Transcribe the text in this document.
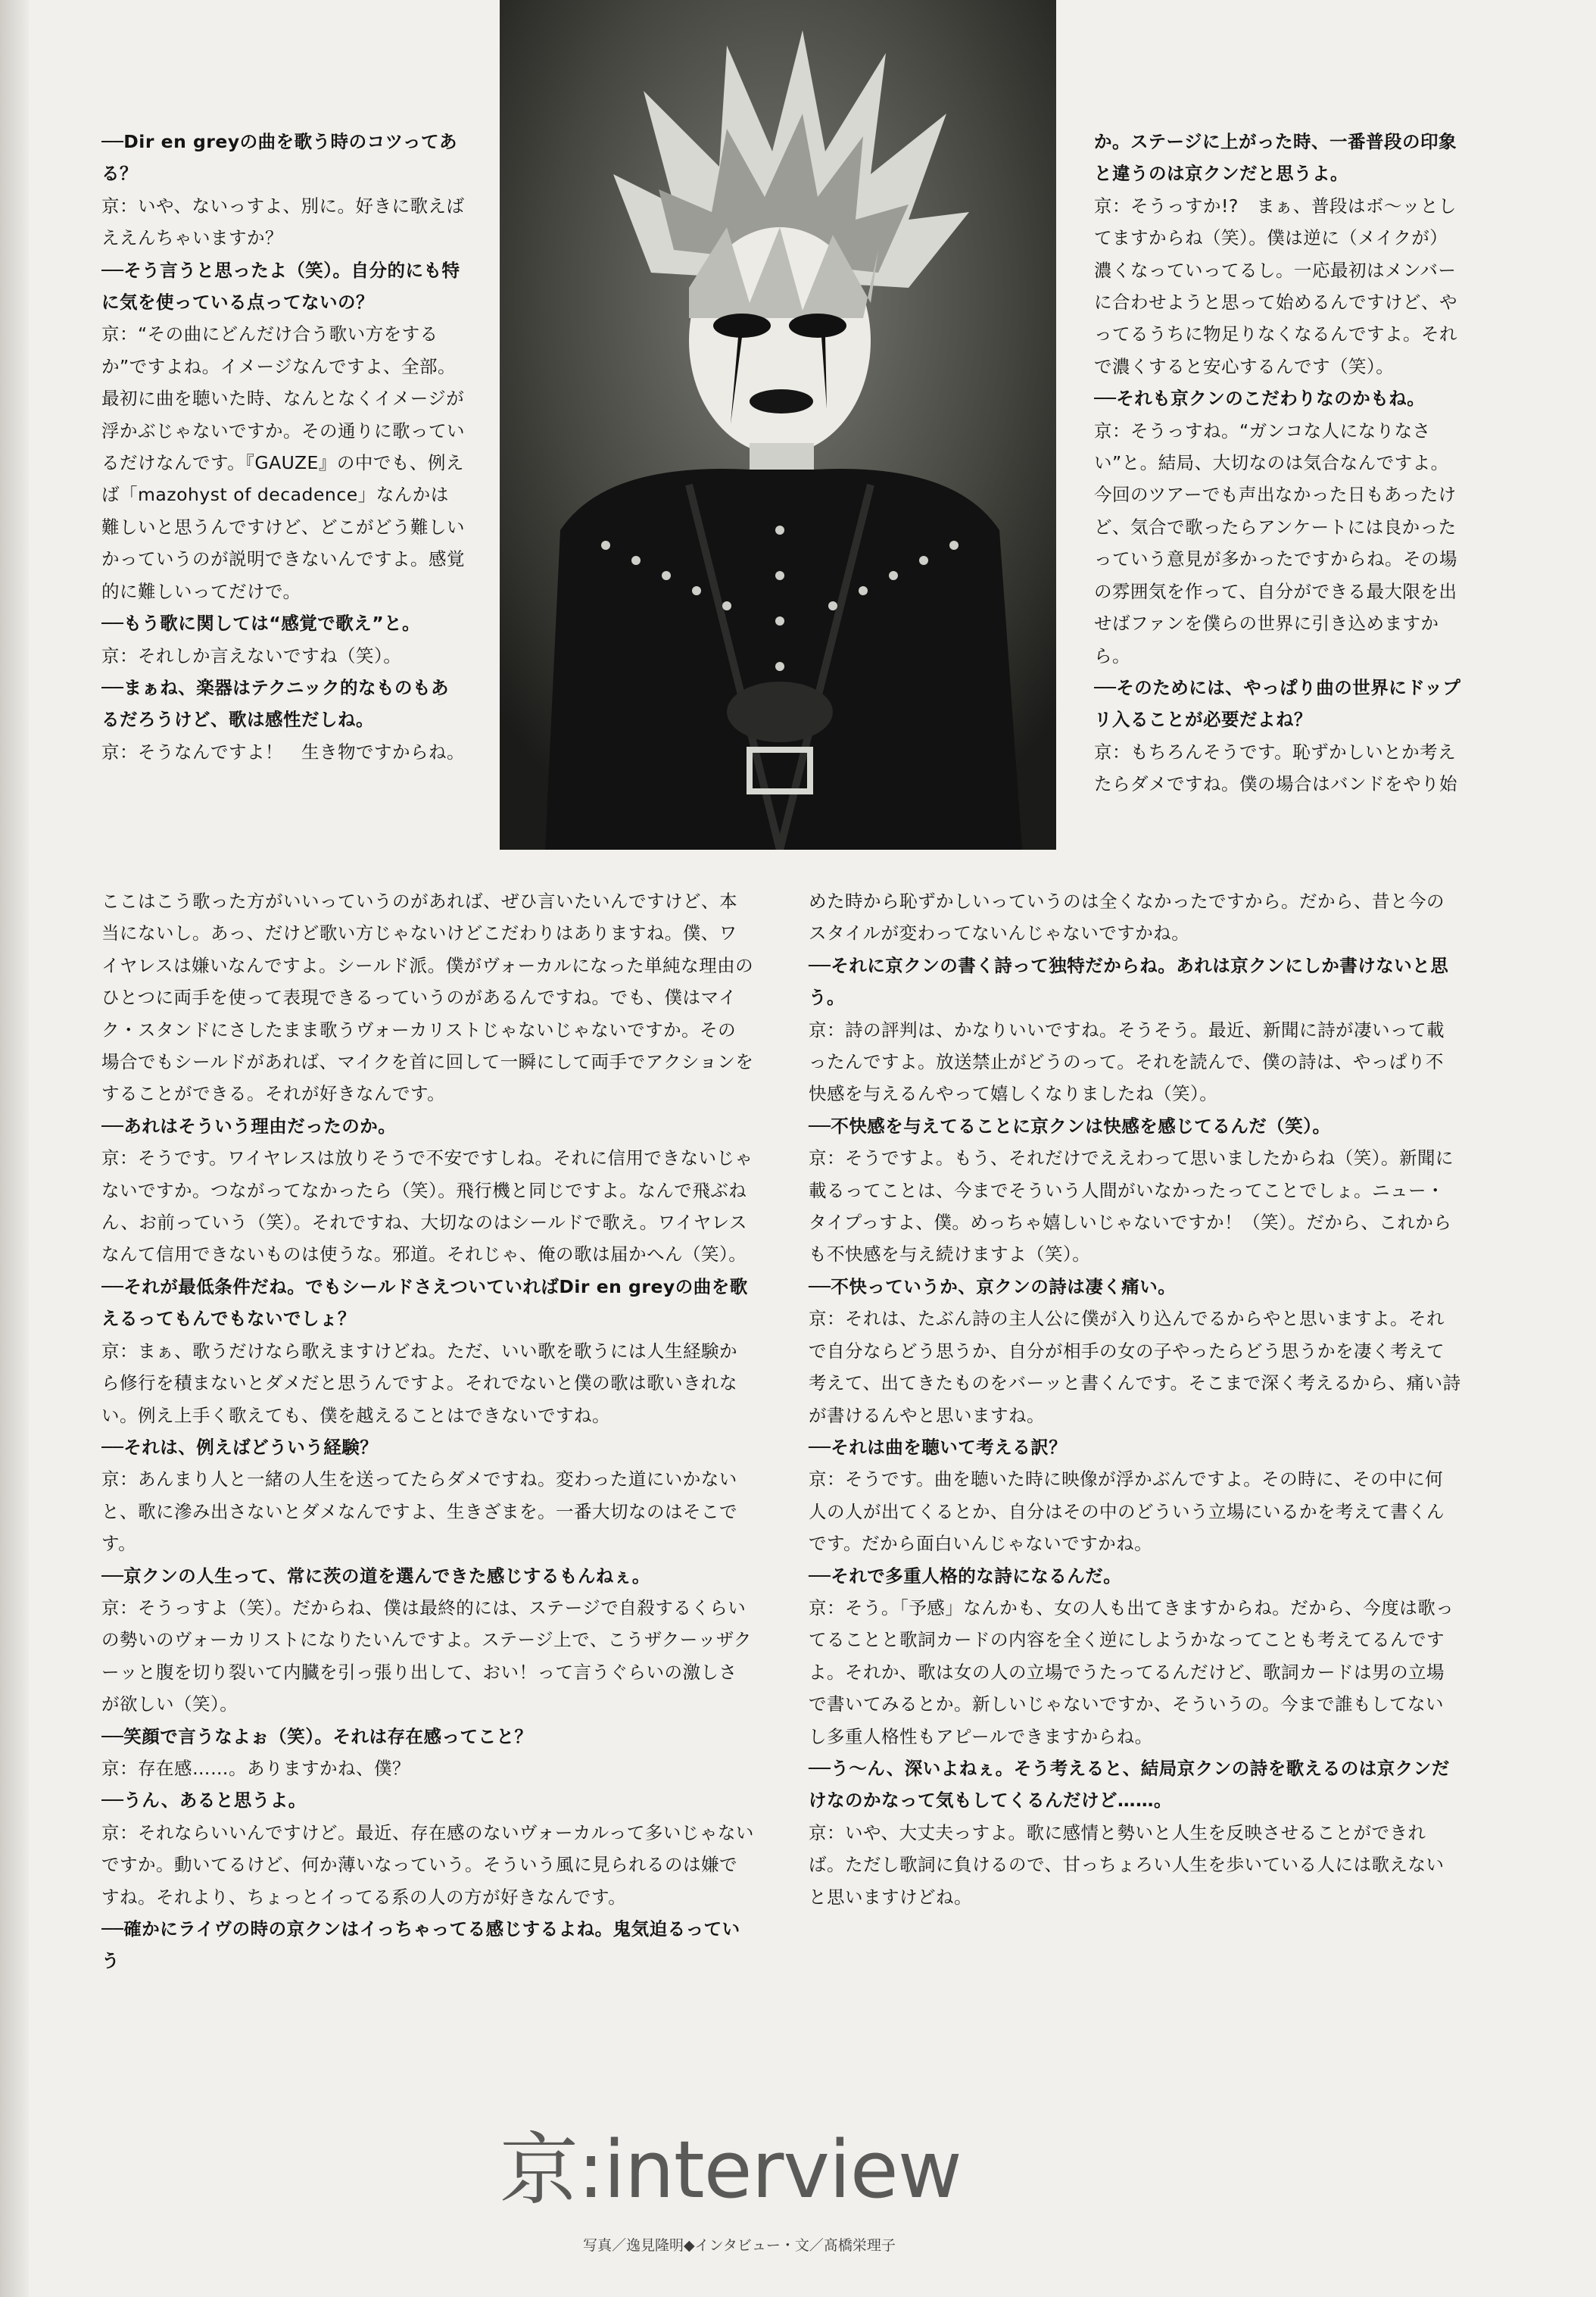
──Dir en greyの曲を歌う時のコツってある？

京：いや、ないっすよ、別に。好きに歌えばええんちゃいますか？

──そう言うと思ったよ（笑）。自分的にも特に気を使っている点ってないの？

京：“その曲にどんだけ合う歌い方をするか”ですよね。イメージなんですよ、全部。最初に曲を聴いた時、なんとなくイメージが浮かぶじゃないですか。その通りに歌っているだけなんです。『GAUZE』の中でも、例えば「mazohyst of decadence」なんかは難しいと思うんですけど、どこがどう難しいかっていうのが説明できないんですよ。感覚的に難しいってだけで。

──もう歌に関しては“感覚で歌え”と。

京：それしか言えないですね（笑）。

──まぁね、楽器はテクニック的なものもあるだろうけど、歌は感性だしね。

京：そうなんですよ！　生き物ですからね。

か。ステージに上がった時、一番普段の印象と違うのは京クンだと思うよ。

京：そうっすか!?　まぁ、普段はボ〜ッとしてますからね（笑）。僕は逆に（メイクが）濃くなっていってるし。一応最初はメンバーに合わせようと思って始めるんですけど、やってるうちに物足りなくなるんですよ。それで濃くすると安心するんです（笑）。

──それも京クンのこだわりなのかもね。

京：そうっすね。“ガンコな人になりなさい”と。結局、大切なのは気合なんですよ。今回のツアーでも声出なかった日もあったけど、気合で歌ったらアンケートには良かったっていう意見が多かったですからね。その場の雰囲気を作って、自分ができる最大限を出せばファンを僕らの世界に引き込めますから。

──そのためには、やっぱり曲の世界にドップリ入ることが必要だよね？

京：もちろんそうです。恥ずかしいとか考えたらダメですね。僕の場合はバンドをやり始

ここはこう歌った方がいいっていうのがあれば、ぜひ言いたいんですけど、本当にないし。あっ、だけど歌い方じゃないけどこだわりはありますね。僕、ワイヤレスは嫌いなんですよ。シールド派。僕がヴォーカルになった単純な理由のひとつに両手を使って表現できるっていうのがあるんですね。でも、僕はマイク・スタンドにさしたまま歌うヴォーカリストじゃないじゃないですか。その場合でもシールドがあれば、マイクを首に回して一瞬にして両手でアクションをすることができる。それが好きなんです。

──あれはそういう理由だったのか。

京：そうです。ワイヤレスは放りそうで不安ですしね。それに信用できないじゃないですか。つながってなかったら（笑）。飛行機と同じですよ。なんで飛ぶねん、お前っていう（笑）。それですね、大切なのはシールドで歌え。ワイヤレスなんて信用できないものは使うな。邪道。それじゃ、俺の歌は届かへん（笑）。

──それが最低条件だね。でもシールドさえついていればDir en greyの曲を歌えるってもんでもないでしょ？

京：まぁ、歌うだけなら歌えますけどね。ただ、いい歌を歌うには人生経験から修行を積まないとダメだと思うんですよ。それでないと僕の歌は歌いきれない。例え上手く歌えても、僕を越えることはできないですね。

──それは、例えばどういう経験？

京：あんまり人と一緒の人生を送ってたらダメですね。変わった道にいかないと、歌に滲み出さないとダメなんですよ、生きざまを。一番大切なのはそこです。

──京クンの人生って、常に茨の道を選んできた感じするもんねぇ。

京：そうっすよ（笑）。だからね、僕は最終的には、ステージで自殺するくらいの勢いのヴォーカリストになりたいんですよ。ステージ上で、こうザクーッザクーッと腹を切り裂いて内臓を引っ張り出して、おい！って言うぐらいの激しさが欲しい（笑）。

──笑顔で言うなよぉ（笑）。それは存在感ってこと？

京：存在感……。ありますかね、僕？

──うん、あると思うよ。

京：それならいいんですけど。最近、存在感のないヴォーカルって多いじゃないですか。動いてるけど、何か薄いなっていう。そういう風に見られるのは嫌ですね。それより、ちょっとイってる系の人の方が好きなんです。

──確かにライヴの時の京クンはイっちゃってる感じするよね。鬼気迫るっていう

めた時から恥ずかしいっていうのは全くなかったですから。だから、昔と今のスタイルが変わってないんじゃないですかね。

──それに京クンの書く詩って独特だからね。あれは京クンにしか書けないと思う。

京：詩の評判は、かなりいいですね。そうそう。最近、新聞に詩が凄いって載ったんですよ。放送禁止がどうのって。それを読んで、僕の詩は、やっぱり不快感を与えるんやって嬉しくなりましたね（笑）。

──不快感を与えてることに京クンは快感を感じてるんだ（笑）。

京：そうですよ。もう、それだけでええわって思いましたからね（笑）。新聞に載るってことは、今までそういう人間がいなかったってことでしょ。ニュー・タイプっすよ、僕。めっちゃ嬉しいじゃないですか！（笑）。だから、これからも不快感を与え続けますよ（笑）。

──不快っていうか、京クンの詩は凄く痛い。

京：それは、たぶん詩の主人公に僕が入り込んでるからやと思いますよ。それで自分ならどう思うか、自分が相手の女の子やったらどう思うかを凄く考えて考えて、出てきたものをバーッと書くんです。そこまで深く考えるから、痛い詩が書けるんやと思いますね。

──それは曲を聴いて考える訳？

京：そうです。曲を聴いた時に映像が浮かぶんですよ。その時に、その中に何人の人が出てくるとか、自分はその中のどういう立場にいるかを考えて書くんです。だから面白いんじゃないですかね。

──それで多重人格的な詩になるんだ。

京：そう。「予感」なんかも、女の人も出てきますからね。だから、今度は歌ってることと歌詞カードの内容を全く逆にしようかなってことも考えてるんですよ。それか、歌は女の人の立場でうたってるんだけど、歌詞カードは男の立場で書いてみるとか。新しいじゃないですか、そういうの。今まで誰もしてないし多重人格性もアピールできますからね。

──う〜ん、深いよねぇ。そう考えると、結局京クンの詩を歌えるのは京クンだけなのかなって気もしてくるんだけど……。

京：いや、大丈夫っすよ。歌に感情と勢いと人生を反映させることができれば。ただし歌詞に負けるので、甘っちょろい人生を歩いている人には歌えないと思いますけどね。

京:interview
写真／逸見隆明◆インタビュー・文／髙橋栄理子
